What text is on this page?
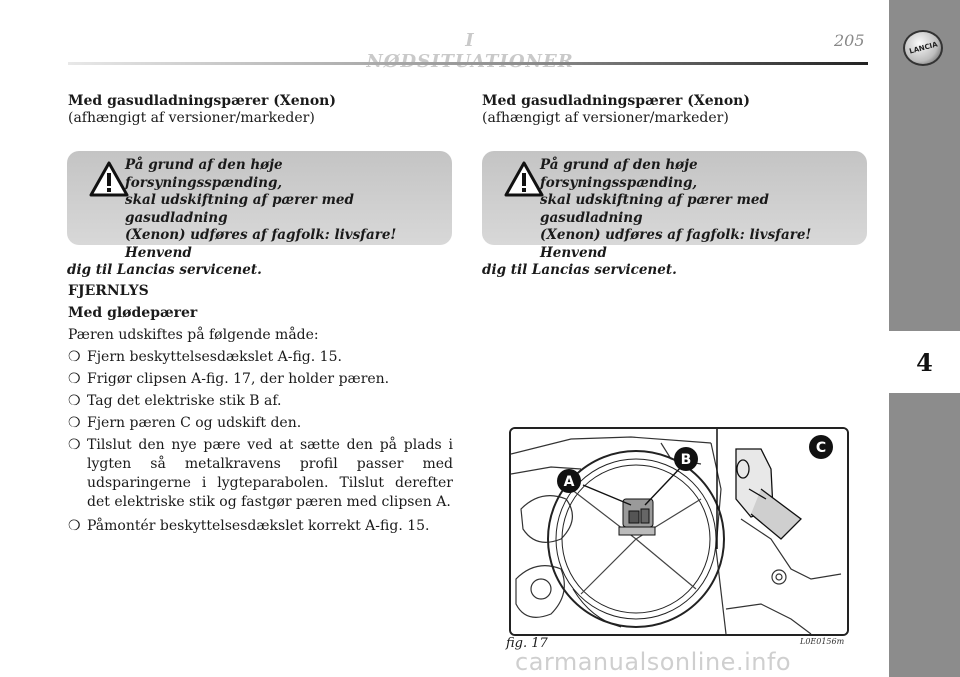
I	205	LANCIA
4
Med gasudladningspærer (Xenon)
(afhængigt af versioner/markeder)
På grund af den høje forsyningsspænding,
skal udskiftning af pærer med gasudladning
(Xenon) udføres af fagfolk: livsfare! Henvend
dig til Lancias servicenet.

FJERNLYS

Med glødepærer

Pæren udskiftes på følgende måde:

❍ Fjern beskyttelsesdækslet A-fig. 15.
❍ Frigør clipsen A-fig. 17, der holder pæren.
❍ Tag det elektriske stik B af.
❍ Fjern pæren C og udskift den.
❍ Tilslut den nye pære ved at sætte den på plads i lygten så metalkravens profil passer med udsparingerne i lygteparabolen. Tilslut derefter det elektriske stik og fastgør pæren med clipsen A.
❍ Påmontér beskyttelsesdækslet korrekt A-fig. 15.
Med gasudladningspærer (Xenon)
(afhængigt af versioner/markeder)
På grund af den høje forsyningsspænding,
skal udskiftning af pærer med gasudladning
(Xenon) udføres af fagfolk: livsfare! Henvend
dig til Lancias servicenet.
A
B
C
fig. 17	L0E0156m
carmanualsonline.info
